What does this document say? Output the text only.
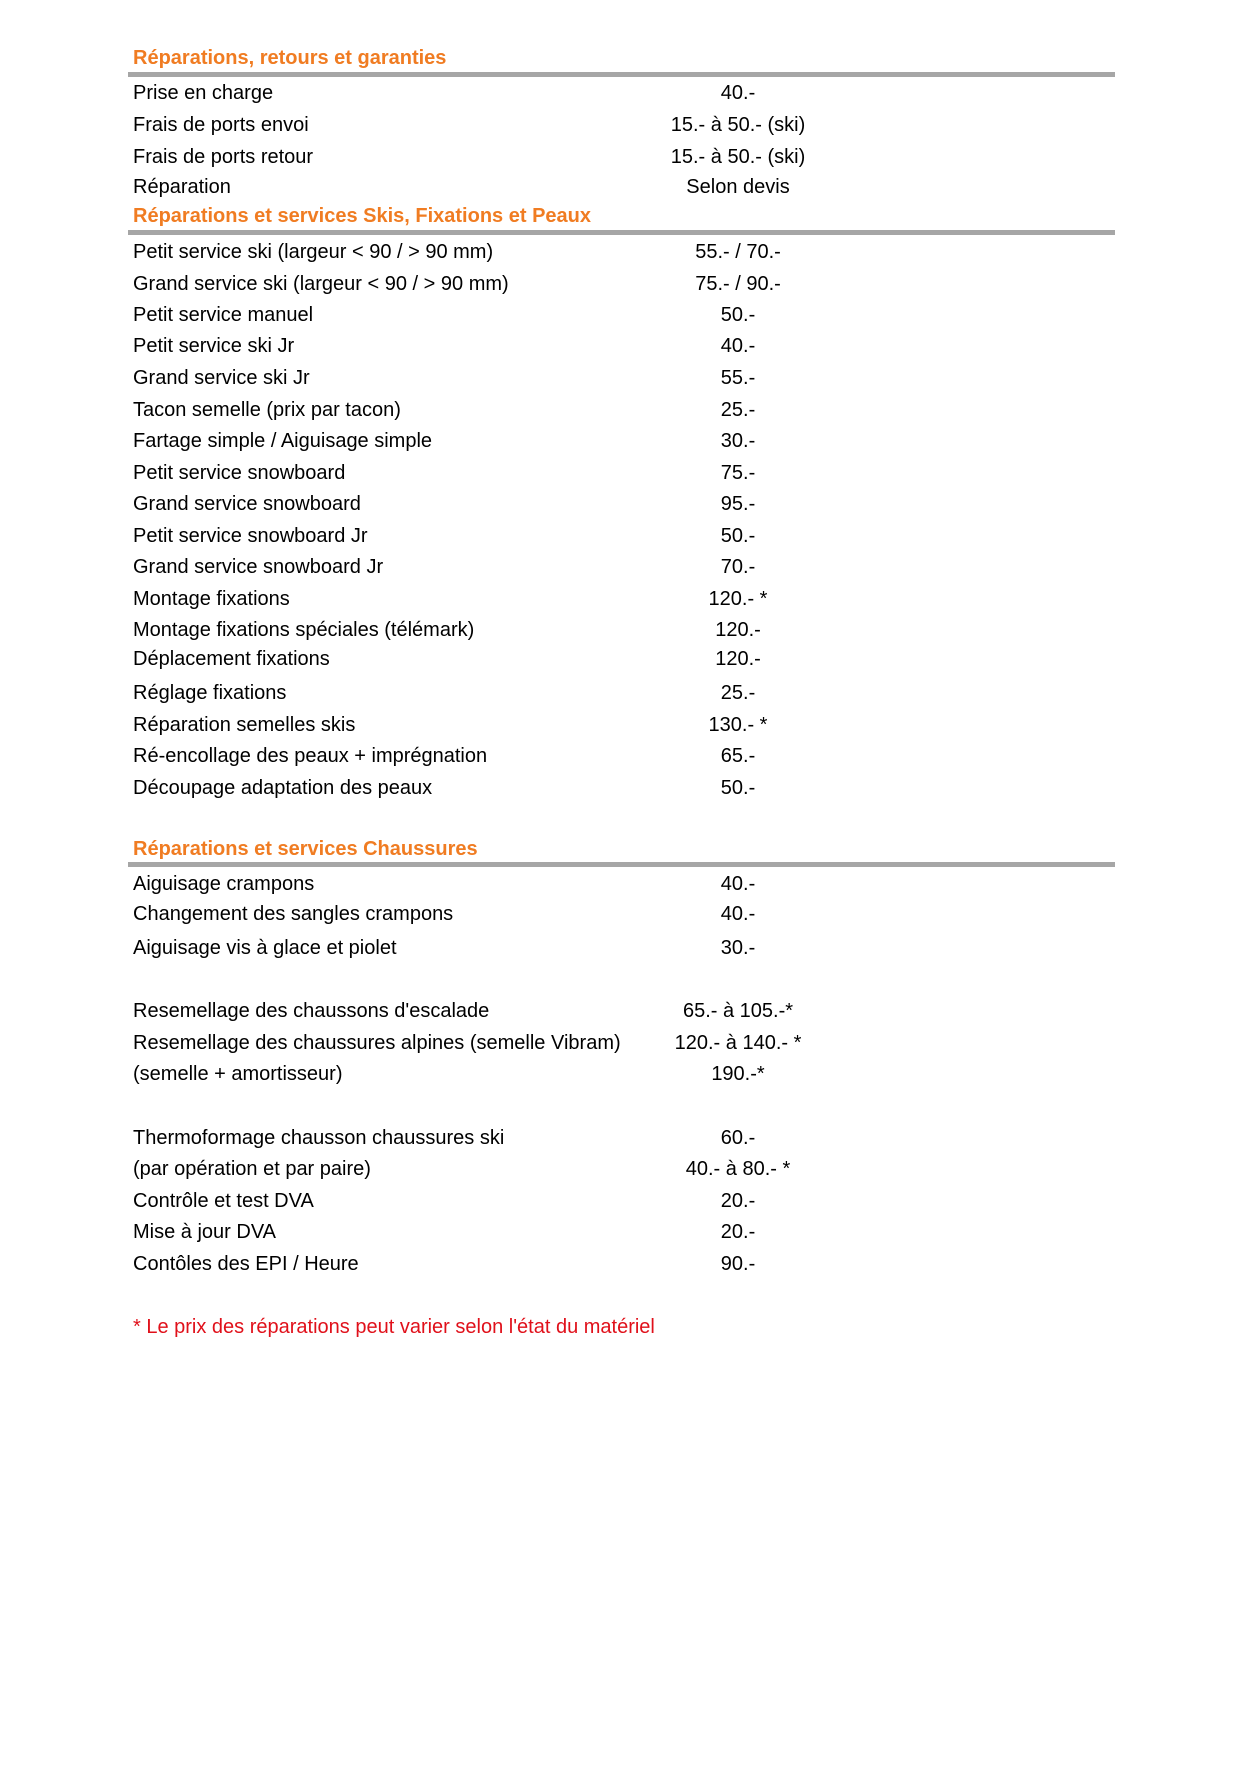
Réparations, retours et garanties
Prise en charge	40.-
Frais de ports envoi	15.- à 50.- (ski)
Frais de ports retour	15.- à 50.- (ski)
Réparation	Selon devis
Réparations et services Skis, Fixations et Peaux
Petit service ski (largeur < 90 / > 90 mm)	55.- / 70.-
Grand service ski (largeur < 90 / > 90 mm)	75.- / 90.-
Petit service manuel	50.-
Petit service ski Jr	40.-
Grand service ski Jr	55.-
Tacon semelle (prix par tacon)	25.-
Fartage simple / Aiguisage simple	30.-
Petit service snowboard	75.-
Grand service snowboard	95.-
Petit service snowboard Jr	50.-
Grand service snowboard Jr	70.-
Montage fixations	120.- *
Montage fixations spéciales (télémark)	120.-
Déplacement fixations	120.-
Réglage fixations	25.-
Réparation semelles skis	130.- *
Ré-encollage des peaux + imprégnation	65.-
Découpage adaptation des peaux	50.-
Réparations et services Chaussures
Aiguisage crampons	40.-
Changement des sangles crampons	40.-
Aiguisage vis à glace et piolet	30.-
Resemellage des chaussons d'escalade	65.- à 105.-*
Resemellage des chaussures alpines (semelle Vibram)	120.- à 140.- *
(semelle + amortisseur)	190.-*
Thermoformage chausson chaussures ski	60.-
(par opération et par paire)	40.- à 80.- *
Contrôle et test DVA	20.-
Mise à jour DVA	20.-
Contôles des EPI / Heure	90.-
* Le prix des réparations peut varier selon l'état du matériel
